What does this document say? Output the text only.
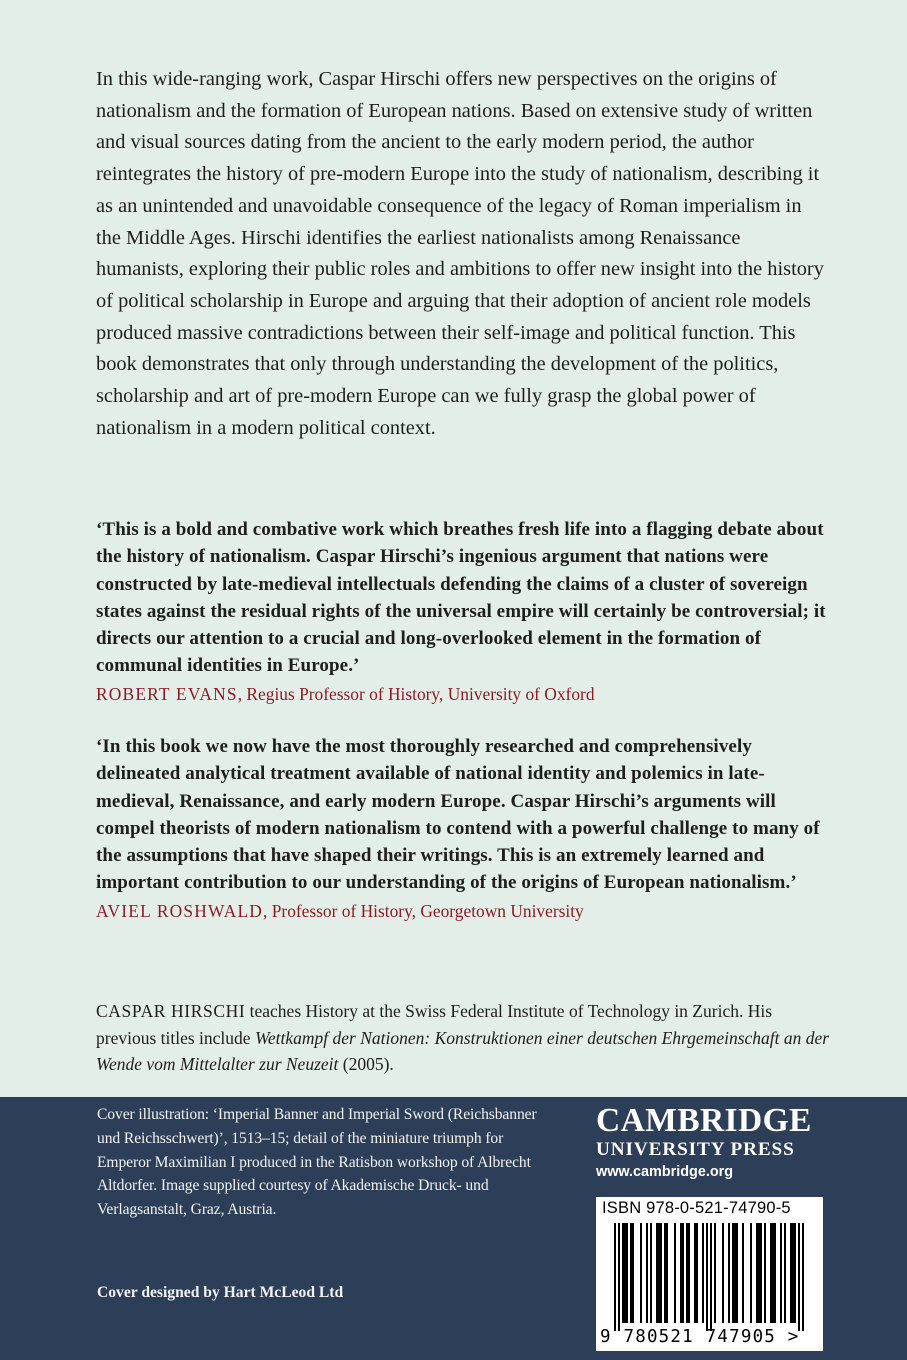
In this wide-ranging work, Caspar Hirschi offers new perspectives on the origins of nationalism and the formation of European nations. Based on extensive study of written and visual sources dating from the ancient to the early modern period, the author reintegrates the history of pre-modern Europe into the study of nationalism, describing it as an unintended and unavoidable consequence of the legacy of Roman imperialism in the Middle Ages. Hirschi identifies the earliest nationalists among Renaissance humanists, exploring their public roles and ambitions to offer new insight into the history of political scholarship in Europe and arguing that their adoption of ancient role models produced massive contradictions between their self-image and political function. This book demonstrates that only through understanding the development of the politics, scholarship and art of pre-modern Europe can we fully grasp the global power of nationalism in a modern political context.

‘This is a bold and combative work which breathes fresh life into a flagging debate about the history of nationalism. Caspar Hirschi’s ingenious argument that nations were constructed by late-medieval intellectuals defending the claims of a cluster of sovereign states against the residual rights of the universal empire will certainly be controversial; it directs our attention to a crucial and long-overlooked element in the formation of communal identities in Europe.’

ROBERT EVANS, Regius Professor of History, University of Oxford

‘In this book we now have the most thoroughly researched and comprehensively delineated analytical treatment available of national identity and polemics in late-medieval, Renaissance, and early modern Europe. Caspar Hirschi’s arguments will compel theorists of modern nationalism to contend with a powerful challenge to many of the assumptions that have shaped their writings. This is an extremely learned and important contribution to our understanding of the origins of European nationalism.’

AVIEL ROSHWALD, Professor of History, Georgetown University

CASPAR HIRSCHI teaches History at the Swiss Federal Institute of Technology in Zurich. His previous titles include Wettkampf der Nationen: Konstruktionen einer deutschen Ehrgemeinschaft an der Wende vom Mittelalter zur Neuzeit (2005).

Cover illustration: ‘Imperial Banner and Imperial Sword (Reichsbanner und Reichsschwert)’, 1513–15; detail of the miniature triumph for Emperor Maximilian I produced in the Ratisbon workshop of Albrecht Altdorfer. Image supplied courtesy of Akademische Druck- und Verlagsanstalt, Graz, Austria.

Cover designed by Hart McLeod Ltd

CAMBRIDGE

UNIVERSITY PRESS

www.cambridge.org

ISBN 978-0-521-74790-5

9 780521 747905 >
